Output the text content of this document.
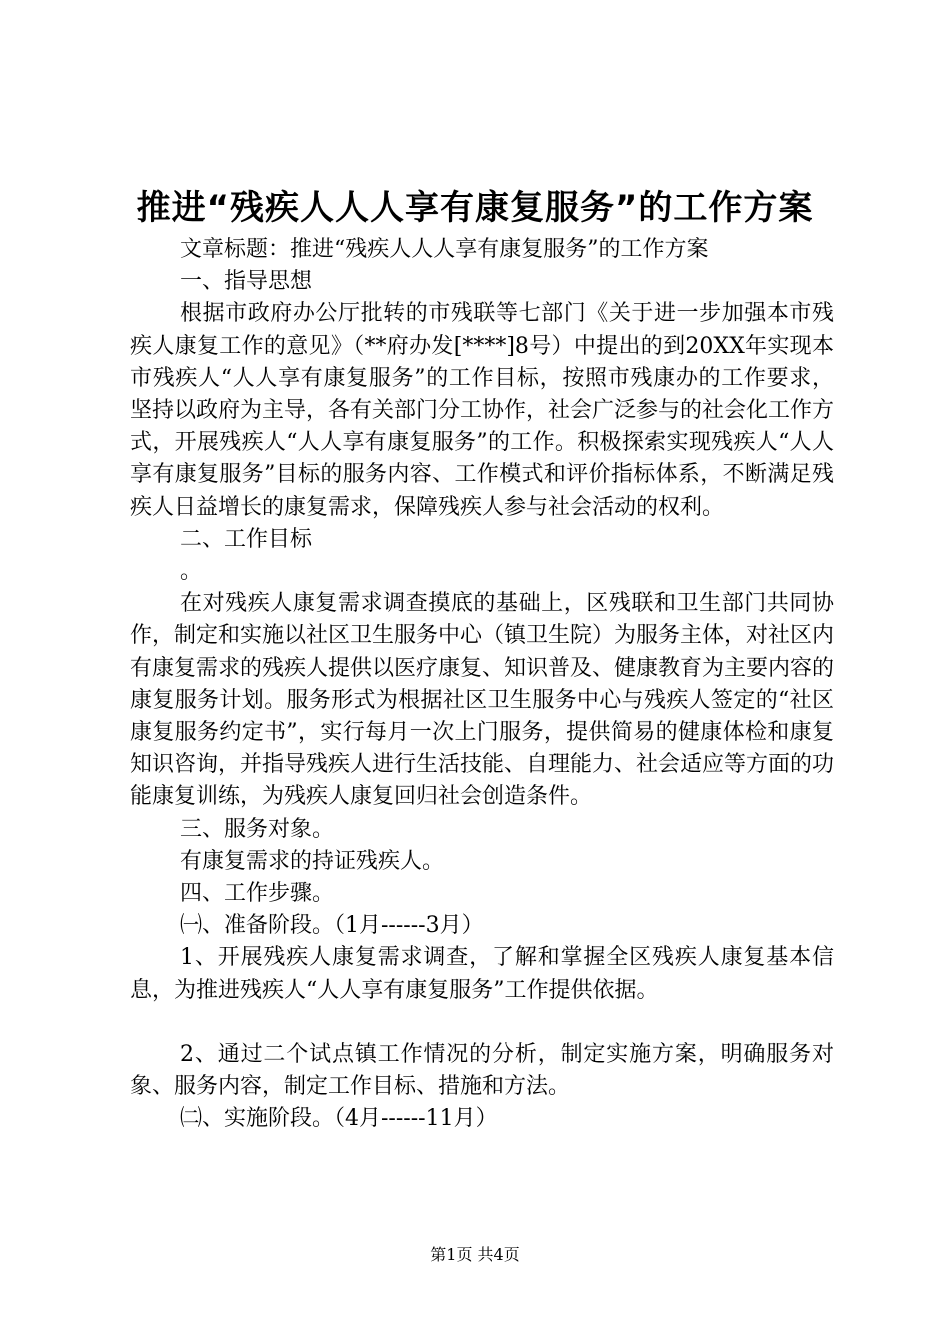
推进“残疾人人人享有康复服务”的工作方案

文章标题：推进“残疾人人人享有康复服务”的工作方案

一、指导思想

根据市政府办公厅批转的市残联等七部门《关于进一步加强本市残疾人康复工作的意见》（**府办发[****]8号）中提出的到20XX年实现本市残疾人“人人享有康复服务”的工作目标，按照市残康办的工作要求，坚持以政府为主导，各有关部门分工协作，社会广泛参与的社会化工作方式，开展残疾人“人人享有康复服务”的工作。积极探索实现残疾人“人人享有康复服务”目标的服务内容、工作模式和评价指标体系，不断满足残疾人日益增长的康复需求，保障残疾人参与社会活动的权利。

二、工作目标

。

在对残疾人康复需求调查摸底的基础上，区残联和卫生部门共同协作，制定和实施以社区卫生服务中心（镇卫生院）为服务主体，对社区内有康复需求的残疾人提供以医疗康复、知识普及、健康教育为主要内容的康复服务计划。服务形式为根据社区卫生服务中心与残疾人签定的“社区康复服务约定书”，实行每月一次上门服务，提供简易的健康体检和康复知识咨询，并指导残疾人进行生活技能、自理能力、社会适应等方面的功能康复训练，为残疾人康复回归社会创造条件。

三、服务对象。

有康复需求的持证残疾人。

四、工作步骤。

㈠、准备阶段。（1月------3月）

1、开展残疾人康复需求调查，了解和掌握全区残疾人康复基本信息，为推进残疾人“人人享有康复服务”工作提供依据。

2、通过二个试点镇工作情况的分析，制定实施方案，明确服务对象、服务内容，制定工作目标、措施和方法。

㈡、实施阶段。（4月------11月）

第1页 共4页
